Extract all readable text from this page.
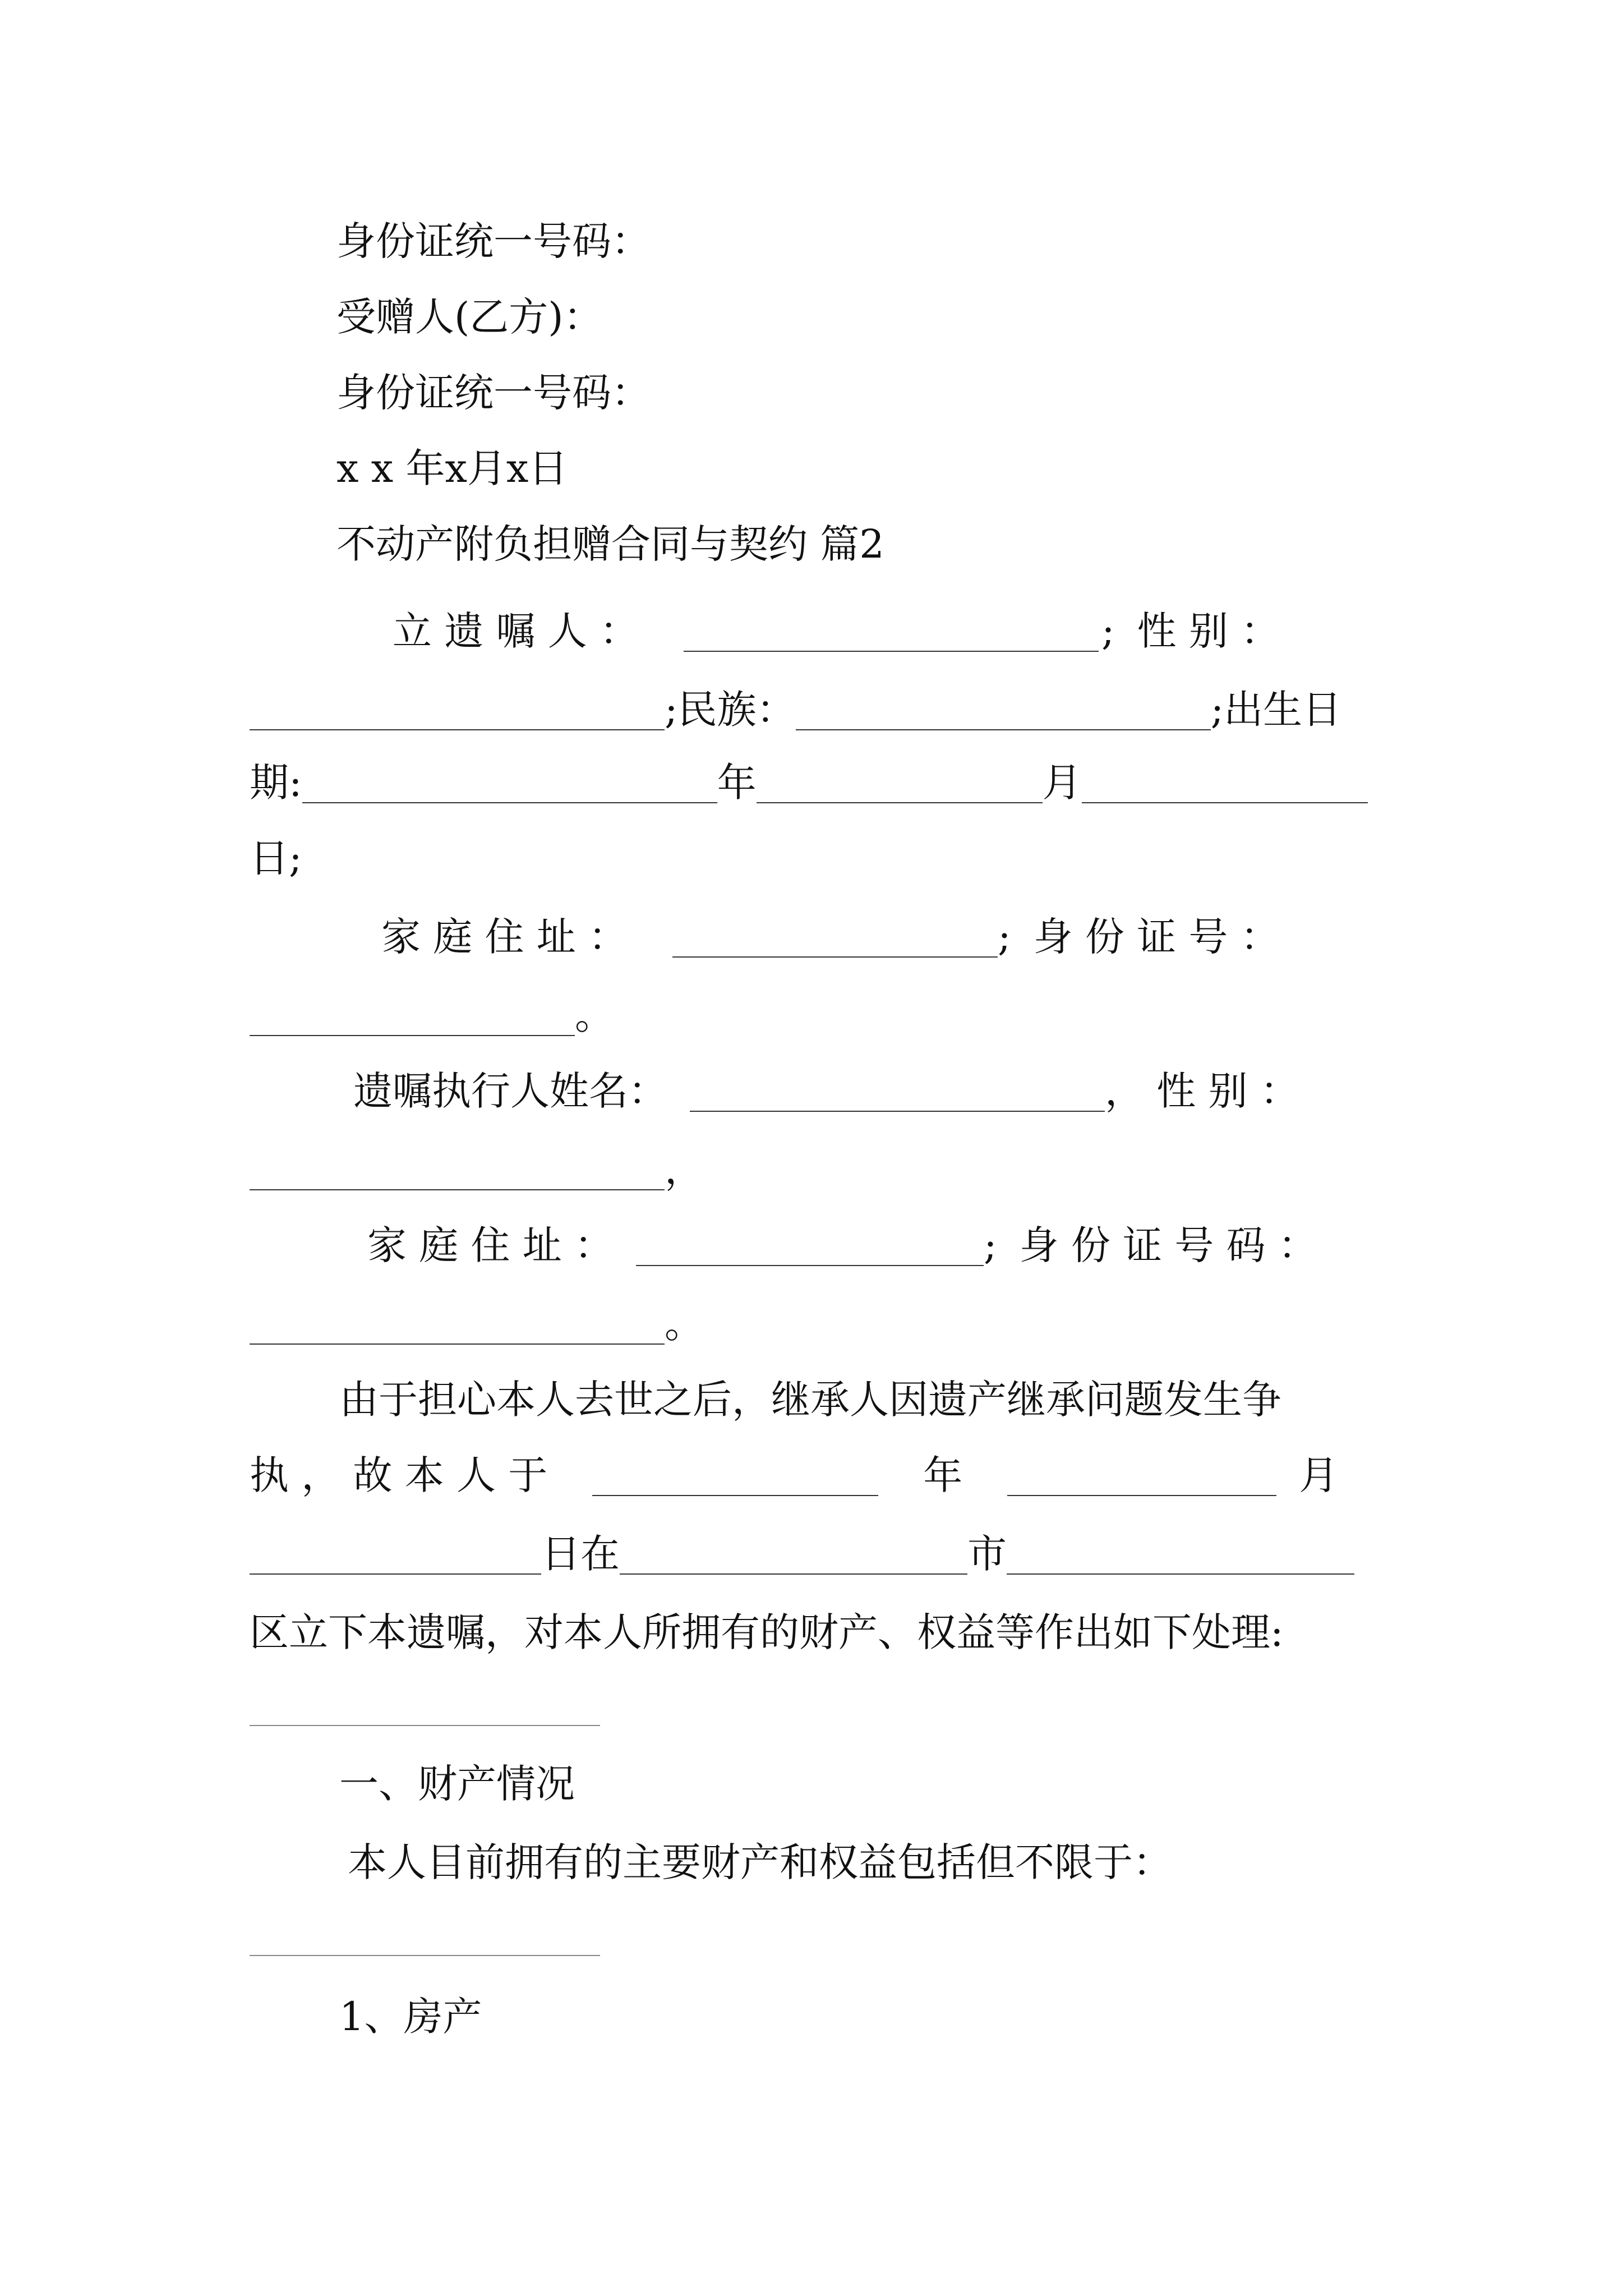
身份证统一号码：
受赠人(乙方)：
身份证统一号码：
x x 年x月x日
不动产附负担赠合同与契约 篇2
立 遗 嘱 人 ：	; 性 别 ：
; 民族：	; 出生日
期:	年	月
日;
家 庭 住 址 ：	; 身 份 证 号 ：
。
遗嘱执行人姓名：	， 性 别 ：
，
家 庭 住 址 ：	; 身 份 证 号 码 ：
。
由于担心本人去世之后，继承人因遗产继承问题发生争
执 ， 故 本 人 于	年	月
日在	市
区立下本遗嘱，对本人所拥有的财产、权益等作出如下处理:
一、财产情况
本人目前拥有的主要财产和权益包括但不限于：
1、房产
